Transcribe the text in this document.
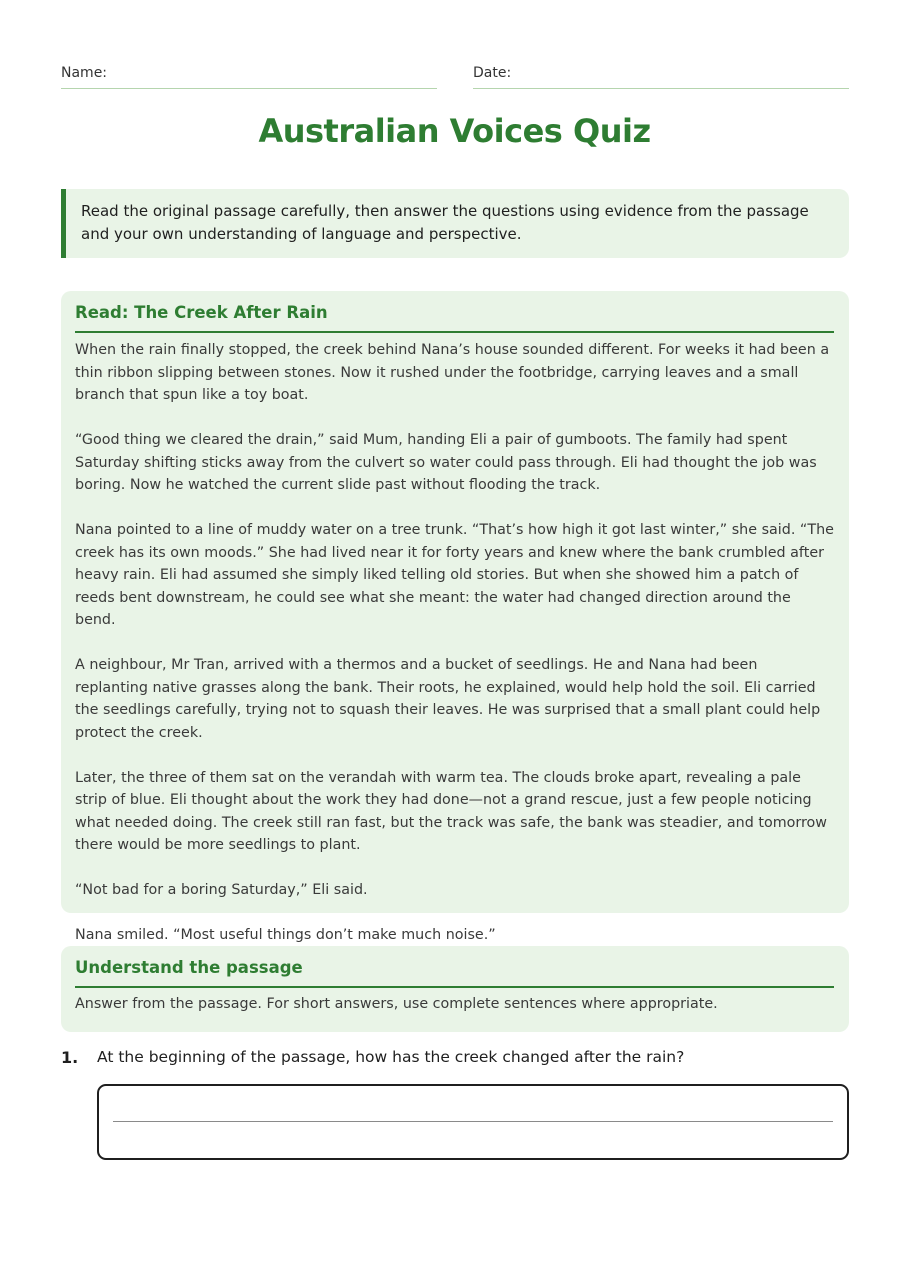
Name:	Date:
Australian Voices Quiz
Read the original passage carefully, then answer the questions using evidence from the passage and your own understanding of language and perspective.
Read: The Creek After Rain

When the rain finally stopped, the creek behind Nana’s house sounded different. For weeks it had been a thin ribbon slipping between stones. Now it rushed under the footbridge, carrying leaves and a small branch that spun like a toy boat.

“Good thing we cleared the drain,” said Mum, handing Eli a pair of gumboots. The family had spent Saturday shifting sticks away from the culvert so water could pass through. Eli had thought the job was boring. Now he watched the current slide past without flooding the track.

Nana pointed to a line of muddy water on a tree trunk. “That’s how high it got last winter,” she said. “The creek has its own moods.” She had lived near it for forty years and knew where the bank crumbled after heavy rain. Eli had assumed she simply liked telling old stories. But when she showed him a patch of reeds bent downstream, he could see what she meant: the water had changed direction around the bend.

A neighbour, Mr Tran, arrived with a thermos and a bucket of seedlings. He and Nana had been replanting native grasses along the bank. Their roots, he explained, would help hold the soil. Eli carried the seedlings carefully, trying not to squash their leaves. He was surprised that a small plant could help protect the creek.

Later, the three of them sat on the verandah with warm tea. The clouds broke apart, revealing a pale strip of blue. Eli thought about the work they had done—not a grand rescue, just a few people noticing what needed doing. The creek still ran fast, but the track was safe, the bank was steadier, and tomorrow there would be more seedlings to plant.

“Not bad for a boring Saturday,” Eli said.

Nana smiled. “Most useful things don’t make much noise.”

Understand the passage
Answer from the passage. For short answers, use complete sentences where appropriate.
1. At the beginning of the passage, how has the creek changed after the rain?
